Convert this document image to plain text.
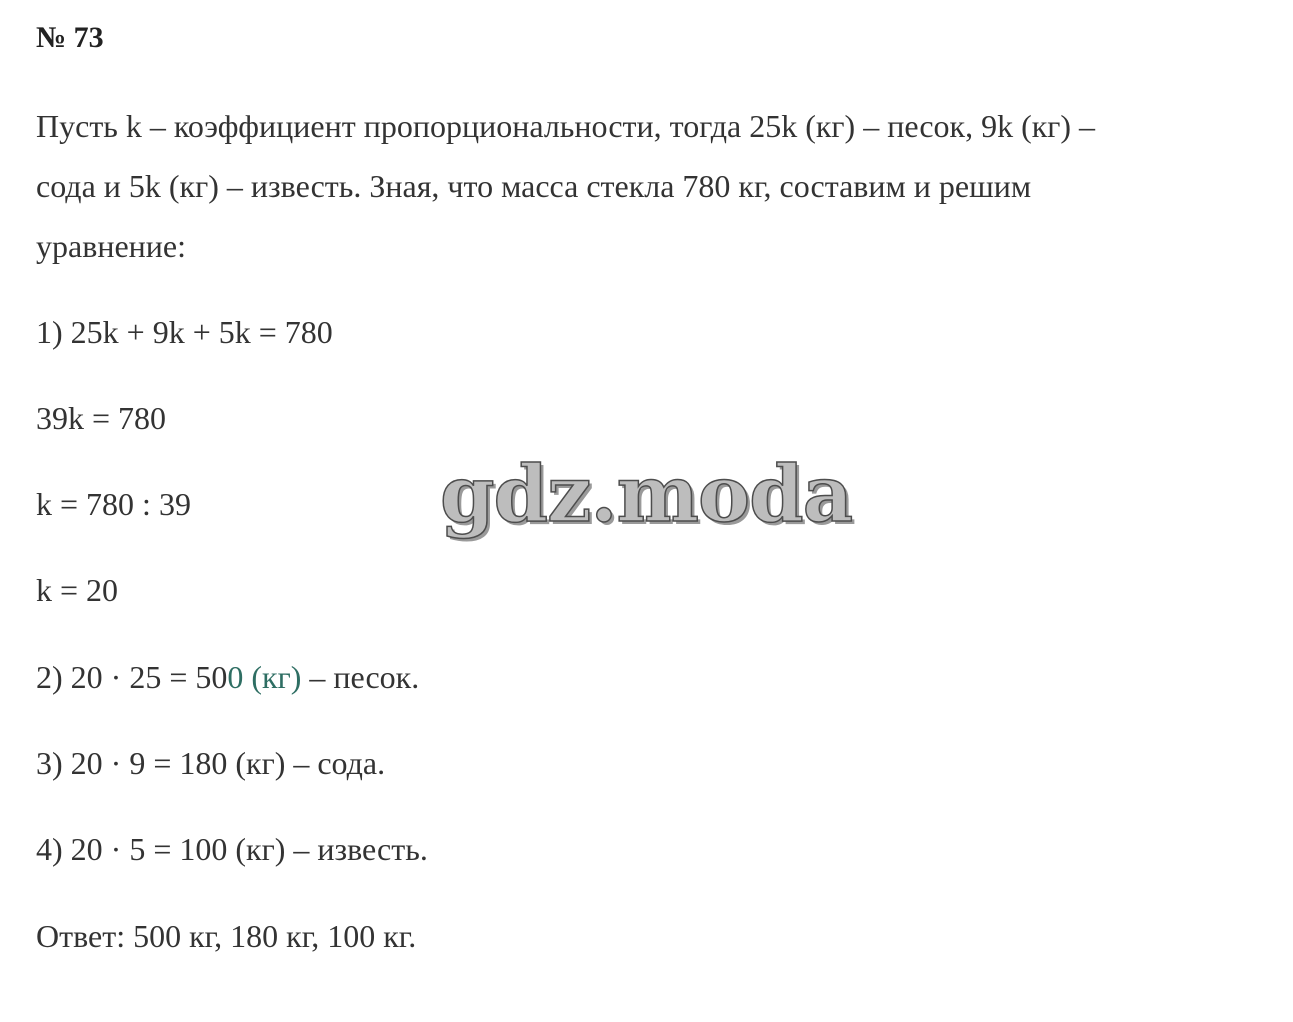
№ 73
Пусть k – коэффициент пропорциональности, тогда 25k (кг) – песок, 9k (кг) –
сода и 5k (кг) – известь. Зная, что масса стекла 780 кг, составим и решим
уравнение:
1) 25k + 9k + 5k = 780
39k = 780
k = 780 : 39
k = 20
2) 20 · 25 = 500 (кг) – песок.
3) 20 · 9 = 180 (кг) – сода.
4) 20 · 5 = 100 (кг) – известь.
Ответ: 500 кг, 180 кг, 100 кг.
gdz.moda
